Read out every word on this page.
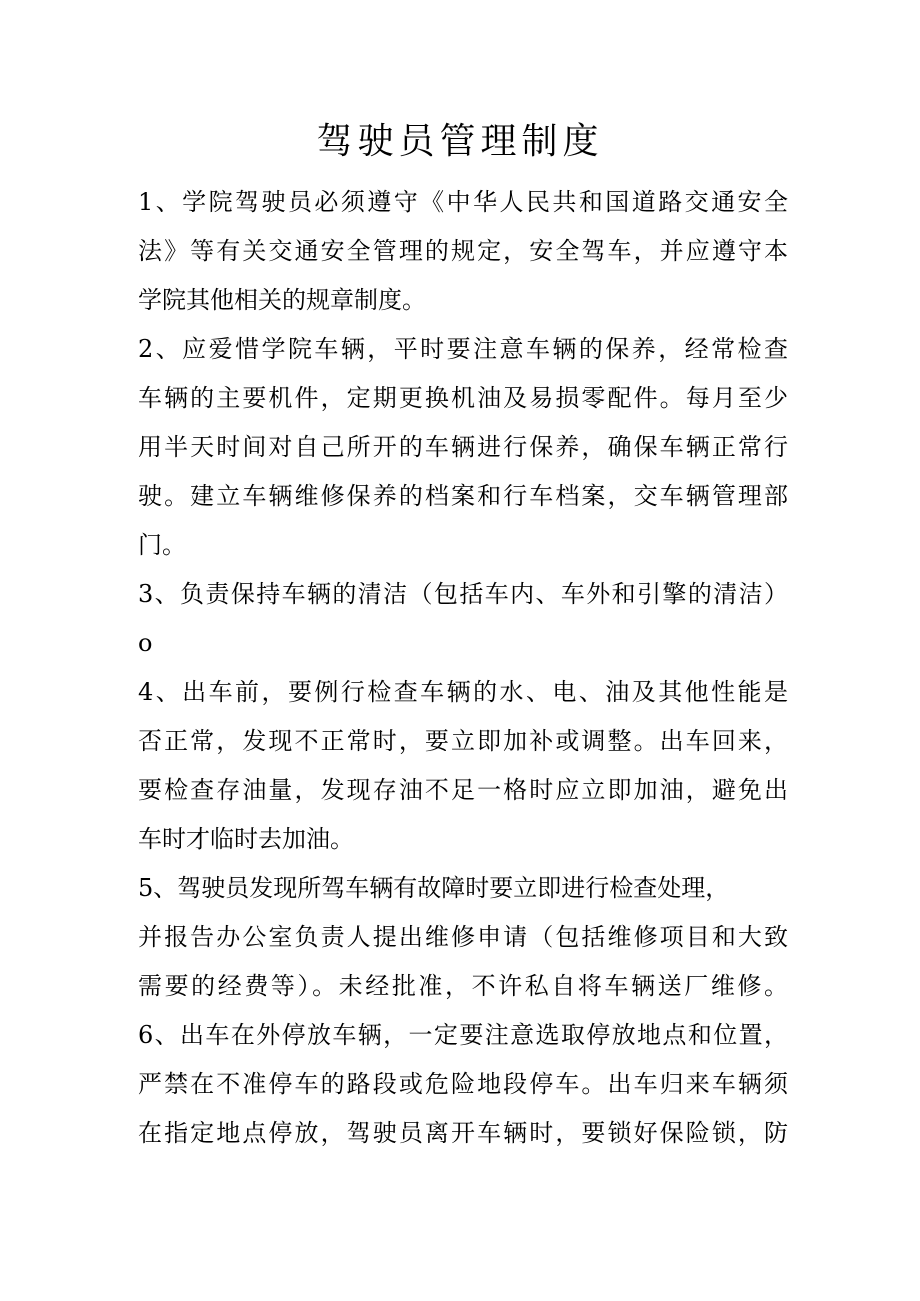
驾驶员管理制度
1、学院驾驶员必须遵守《中华人民共和国道路交通安全
法》等有关交通安全管理的规定，安全驾车，并应遵守本
学院其他相关的规章制度。
2、应爱惜学院车辆，平时要注意车辆的保养，经常检查
车辆的主要机件，定期更换机油及易损零配件。每月至少
用半天时间对自己所开的车辆进行保养，确保车辆正常行
驶。建立车辆维修保养的档案和行车档案，交车辆管理部
门。
3、负责保持车辆的清洁（包括车内、车外和引擎的清洁）
o
4、出车前，要例行检查车辆的水、电、油及其他性能是
否正常，发现不正常时，要立即加补或调整。出车回来，
要检查存油量，发现存油不足一格时应立即加油，避免出
车时才临时去加油。
5、驾驶员发现所驾车辆有故障时要立即进行检查处理，
并报告办公室负责人提出维修申请（包括维修项目和大致
需要的经费等）。未经批准，不许私自将车辆送厂维修。
6、出车在外停放车辆，一定要注意选取停放地点和位置，
严禁在不准停车的路段或危险地段停车。出车归来车辆须
在指定地点停放，驾驶员离开车辆时，要锁好保险锁，防
